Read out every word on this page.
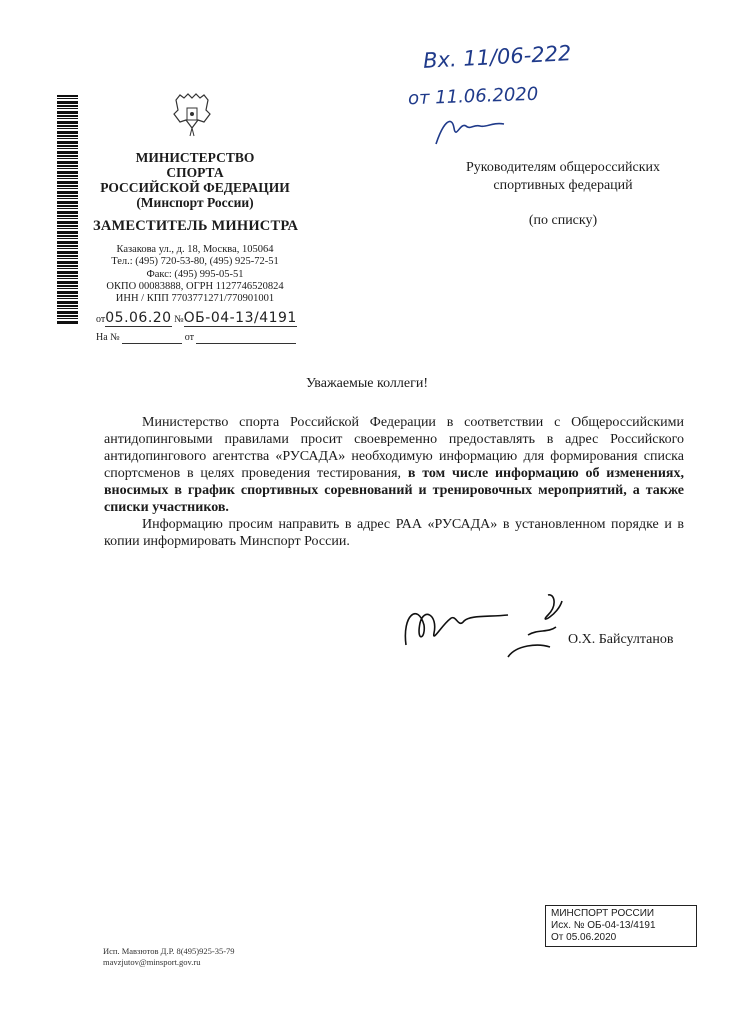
МИНИСТЕРСТВО
СПОРТА
РОССИЙСКОЙ ФЕДЕРАЦИИ
(Минспорт России)
ЗАМЕСТИТЕЛЬ МИНИСТРА
Казакова ул., д. 18, Москва, 105064
Тел.: (495) 720-53-80, (495) 925-72-51
Факс: (495) 995-05-51
ОКПО 00083888, ОГРН 1127746520824
ИНН / КПП 7703771271/770901001
от05.06.20 №ОБ-04-13/4191
На №	от
Вх. 11/06-222
от 11.06.2020
Руководителям общероссийских
спортивных федераций
(по списку)
Уважаемые коллеги!

Министерство спорта Российской Федерации в соответствии с Общероссийскими антидопинговыми правилами просит своевременно предоставлять в адрес Российского антидопингового агентства «РУСАДА» необходимую информацию для формирования списка спортсменов в целях проведения тестирования, в том числе информацию об изменениях, вносимых в график спортивных соревнований и тренировочных мероприятий, а также списки участников.

Информацию просим направить в адрес РАА «РУСАДА» в установленном порядке и в копии информировать Минспорт России.

О.Х. Байсултанов
МИНСПОРТ РОССИИ
Исх. № ОБ-04-13/4191
От 05.06.2020
Исп. Мавзютов Д.Р. 8(495)925-35-79
mavzjutov@minsport.gov.ru
